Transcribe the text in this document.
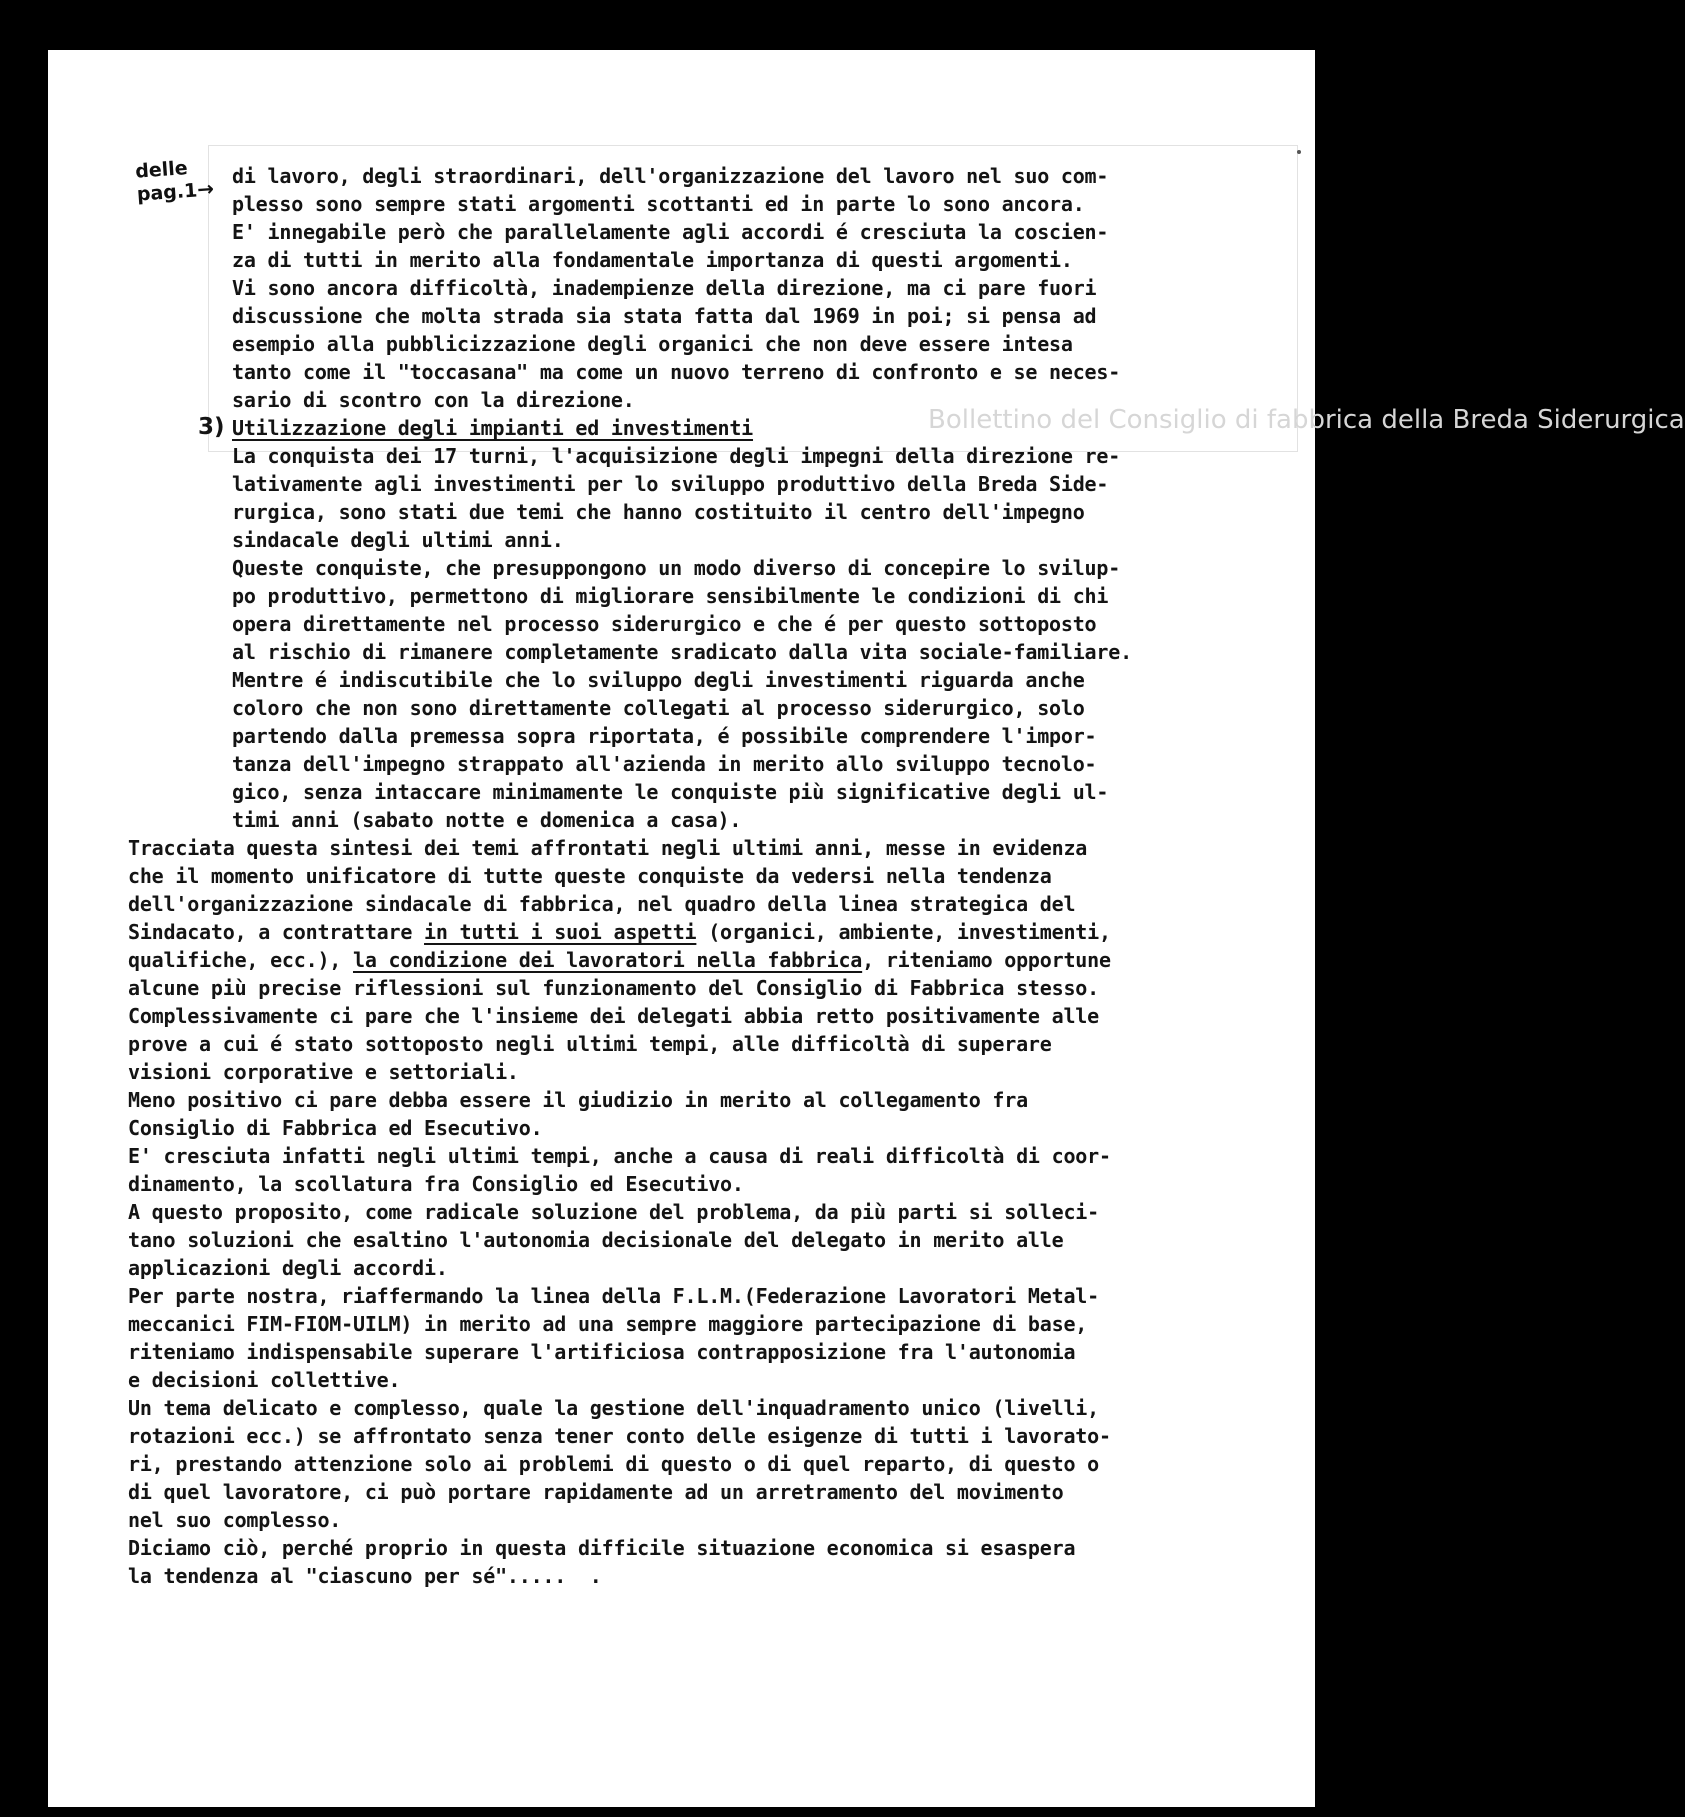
Bollettino del Consiglio di fabbrica della Breda Siderurgica
delle
pag.1→

di lavoro, degli straordinari, dell'organizzazione del lavoro nel suo com-

plesso sono sempre stati argomenti scottanti ed in parte lo sono ancora.

E' innegabile però che parallelamente agli accordi é cresciuta la coscien-

za di tutti in merito alla fondamentale importanza di questi argomenti.

Vi sono ancora difficoltà, inadempienze della direzione, ma ci pare fuori

discussione che molta strada sia stata fatta dal 1969 in poi; si pensa ad

esempio alla pubblicizzazione degli organici che non deve essere intesa

tanto come il "toccasana" ma come un nuovo terreno di confronto e se neces-

sario di scontro con la direzione.

3) Utilizzazione degli impianti ed investimenti

La conquista dei 17 turni, l'acquisizione degli impegni della direzione re-

lativamente agli investimenti per lo sviluppo produttivo della Breda Side-

rurgica, sono stati due temi che hanno costituito il centro dell'impegno

sindacale degli ultimi anni.

Queste conquiste, che presuppongono un modo diverso di concepire lo svilup-

po produttivo, permettono di migliorare sensibilmente le condizioni di chi

opera direttamente nel processo siderurgico e che é per questo sottoposto

al rischio di rimanere completamente sradicato dalla vita sociale-familiare.

Mentre é indiscutibile che lo sviluppo degli investimenti riguarda anche

coloro che non sono direttamente collegati al processo siderurgico, solo

partendo dalla premessa sopra riportata, é possibile comprendere l'impor-

tanza dell'impegno strappato all'azienda in merito allo sviluppo tecnolo-

gico, senza intaccare minimamente le conquiste più significative degli ul-

timi anni (sabato notte e domenica a casa).

Tracciata questa sintesi dei temi affrontati negli ultimi anni, messe in evidenza

che il momento unificatore di tutte queste conquiste da vedersi nella tendenza

dell'organizzazione sindacale di fabbrica, nel quadro della linea strategica del

Sindacato, a contrattare in tutti i suoi aspetti (organici, ambiente, investimenti,

qualifiche, ecc.), la condizione dei lavoratori nella fabbrica, riteniamo opportune

alcune più precise riflessioni sul funzionamento del Consiglio di Fabbrica stesso.

Complessivamente ci pare che l'insieme dei delegati abbia retto positivamente alle

prove a cui é stato sottoposto negli ultimi tempi, alle difficoltà di superare

visioni corporative e settoriali.

Meno positivo ci pare debba essere il giudizio in merito al collegamento fra

Consiglio di Fabbrica ed Esecutivo.

E' cresciuta infatti negli ultimi tempi, anche a causa di reali difficoltà di coor-

dinamento, la scollatura fra Consiglio ed Esecutivo.

A questo proposito, come radicale soluzione del problema, da più parti si solleci-

tano soluzioni che esaltino l'autonomia decisionale del delegato in merito alle

applicazioni degli accordi.

Per parte nostra, riaffermando la linea della F.L.M.(Federazione Lavoratori Metal-

meccanici FIM-FIOM-UILM) in merito ad una sempre maggiore partecipazione di base,

riteniamo indispensabile superare l'artificiosa contrapposizione fra l'autonomia

e decisioni collettive.

Un tema delicato e complesso, quale la gestione dell'inquadramento unico (livelli,

rotazioni ecc.) se affrontato senza tener conto delle esigenze di tutti i lavorato-

ri, prestando attenzione solo ai problemi di questo o di quel reparto, di questo o

di quel lavoratore, ci può portare rapidamente ad un arretramento del movimento

nel suo complesso.

Diciamo ciò, perché proprio in questa difficile situazione economica si esaspera

la tendenza al "ciascuno per sé".....  .
